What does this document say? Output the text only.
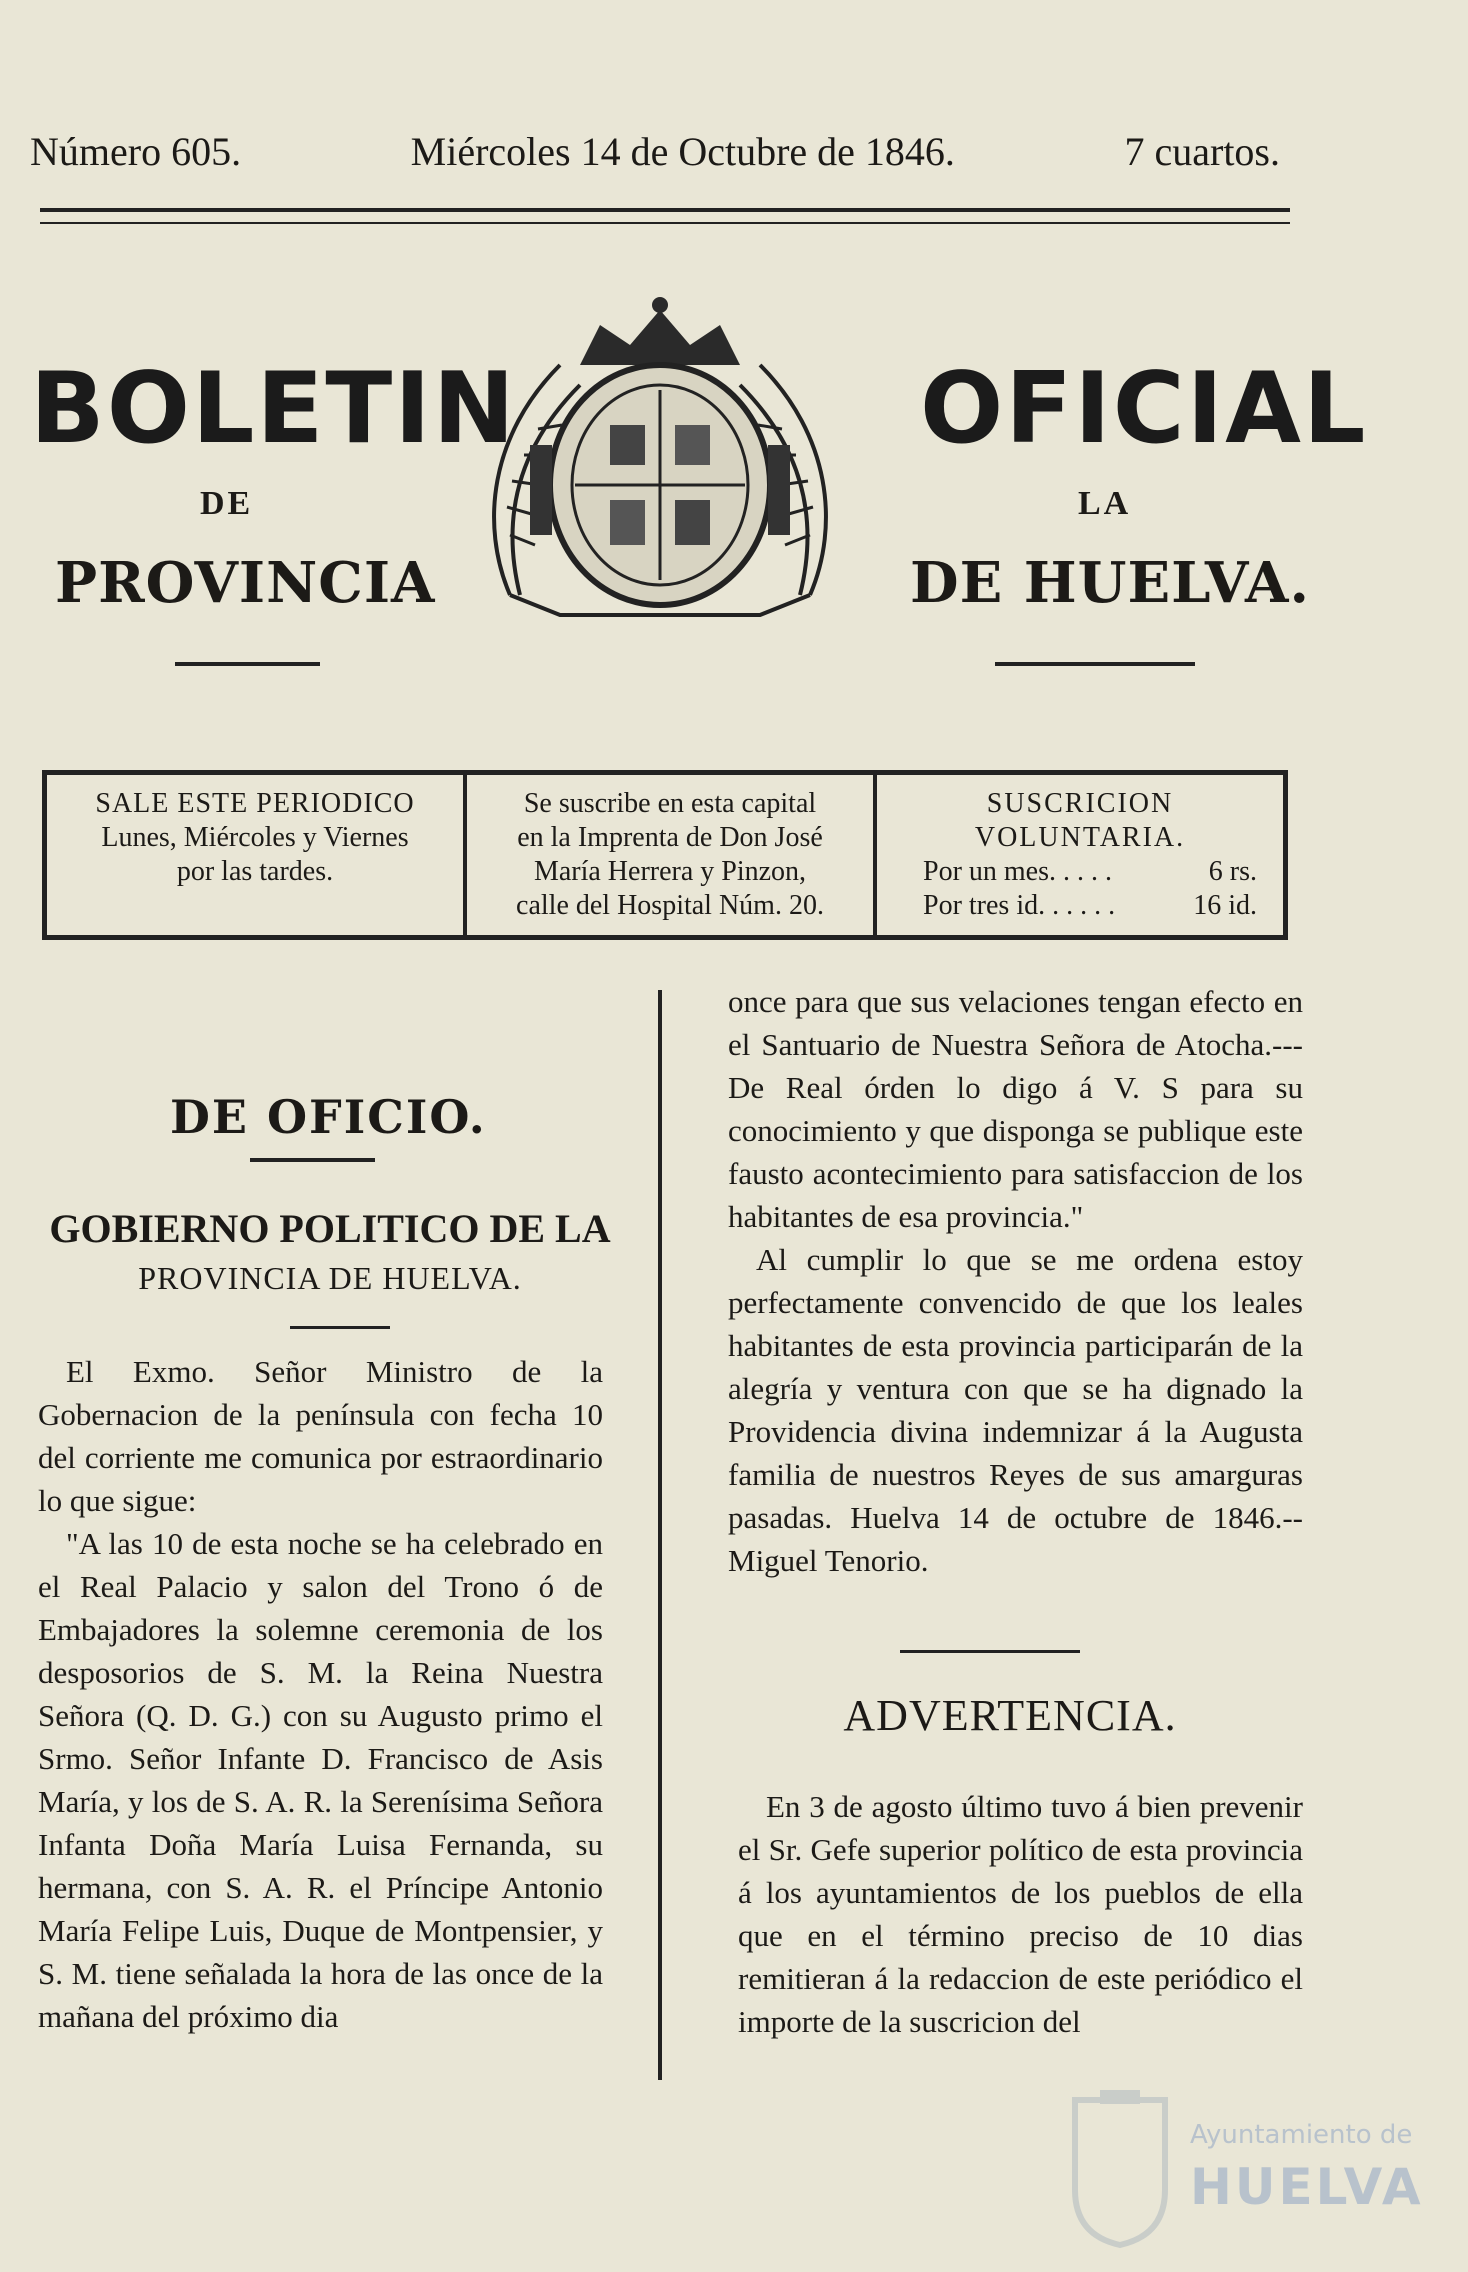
Número 605.	Miércoles 14 de Octubre de 1846.	7 cuartos.
BOLETIN	OFICIAL
DE	LA
PROVINCIA	DE HUELVA.
SALE ESTE PERIODICO
Lunes, Miércoles y Viernes
por las tardes.
Se suscribe en esta capital
en la Imprenta de Don José
María Herrera y Pinzon,
calle del Hospital Núm. 20.
SUSCRICION VOLUNTARIA.
Por un mes. . . . .	6 rs.
Por tres id. . . . . .	16 id.
DE OFICIO.
GOBIERNO POLITICO DE LA
PROVINCIA DE HUELVA.

El Exmo. Señor Ministro de la Gobernacion de la península con fecha 10 del corriente me comunica por estraordinario lo que sigue:

"A las 10 de esta noche se ha celebrado en el Real Palacio y salon del Trono ó de Embajadores la solemne ceremonia de los desposorios de S. M. la Reina Nuestra Señora (Q. D. G.) con su Augusto primo el Srmo. Señor Infante D. Francisco de Asis María, y los de S. A. R. la Serenísima Señora Infanta Doña María Luisa Fernanda, su hermana, con S. A. R. el Príncipe Antonio María Felipe Luis, Duque de Montpensier, y S. M. tiene señalada la hora de las once de la mañana del próximo dia

once para que sus velaciones tengan efecto en el Santuario de Nuestra Señora de Atocha.---De Real órden lo digo á V. S para su conocimiento y que disponga se publique este fausto acontecimiento para satisfaccion de los habitantes de esa provincia."

Al cumplir lo que se me ordena estoy perfectamente convencido de que los leales habitantes de esta provincia participarán de la alegría y ventura con que se ha dignado la Providencia divina indemnizar á la Augusta familia de nuestros Reyes de sus amarguras pasadas. Huelva 14 de octubre de 1846.--Miguel Tenorio.

ADVERTENCIA.

En 3 de agosto último tuvo á bien prevenir el Sr. Gefe superior político de esta provincia á los ayuntamientos de los pueblos de ella que en el término preciso de 10 dias remitieran á la redaccion de este periódico el importe de la suscricion del

Ayuntamiento de
HUELVA
